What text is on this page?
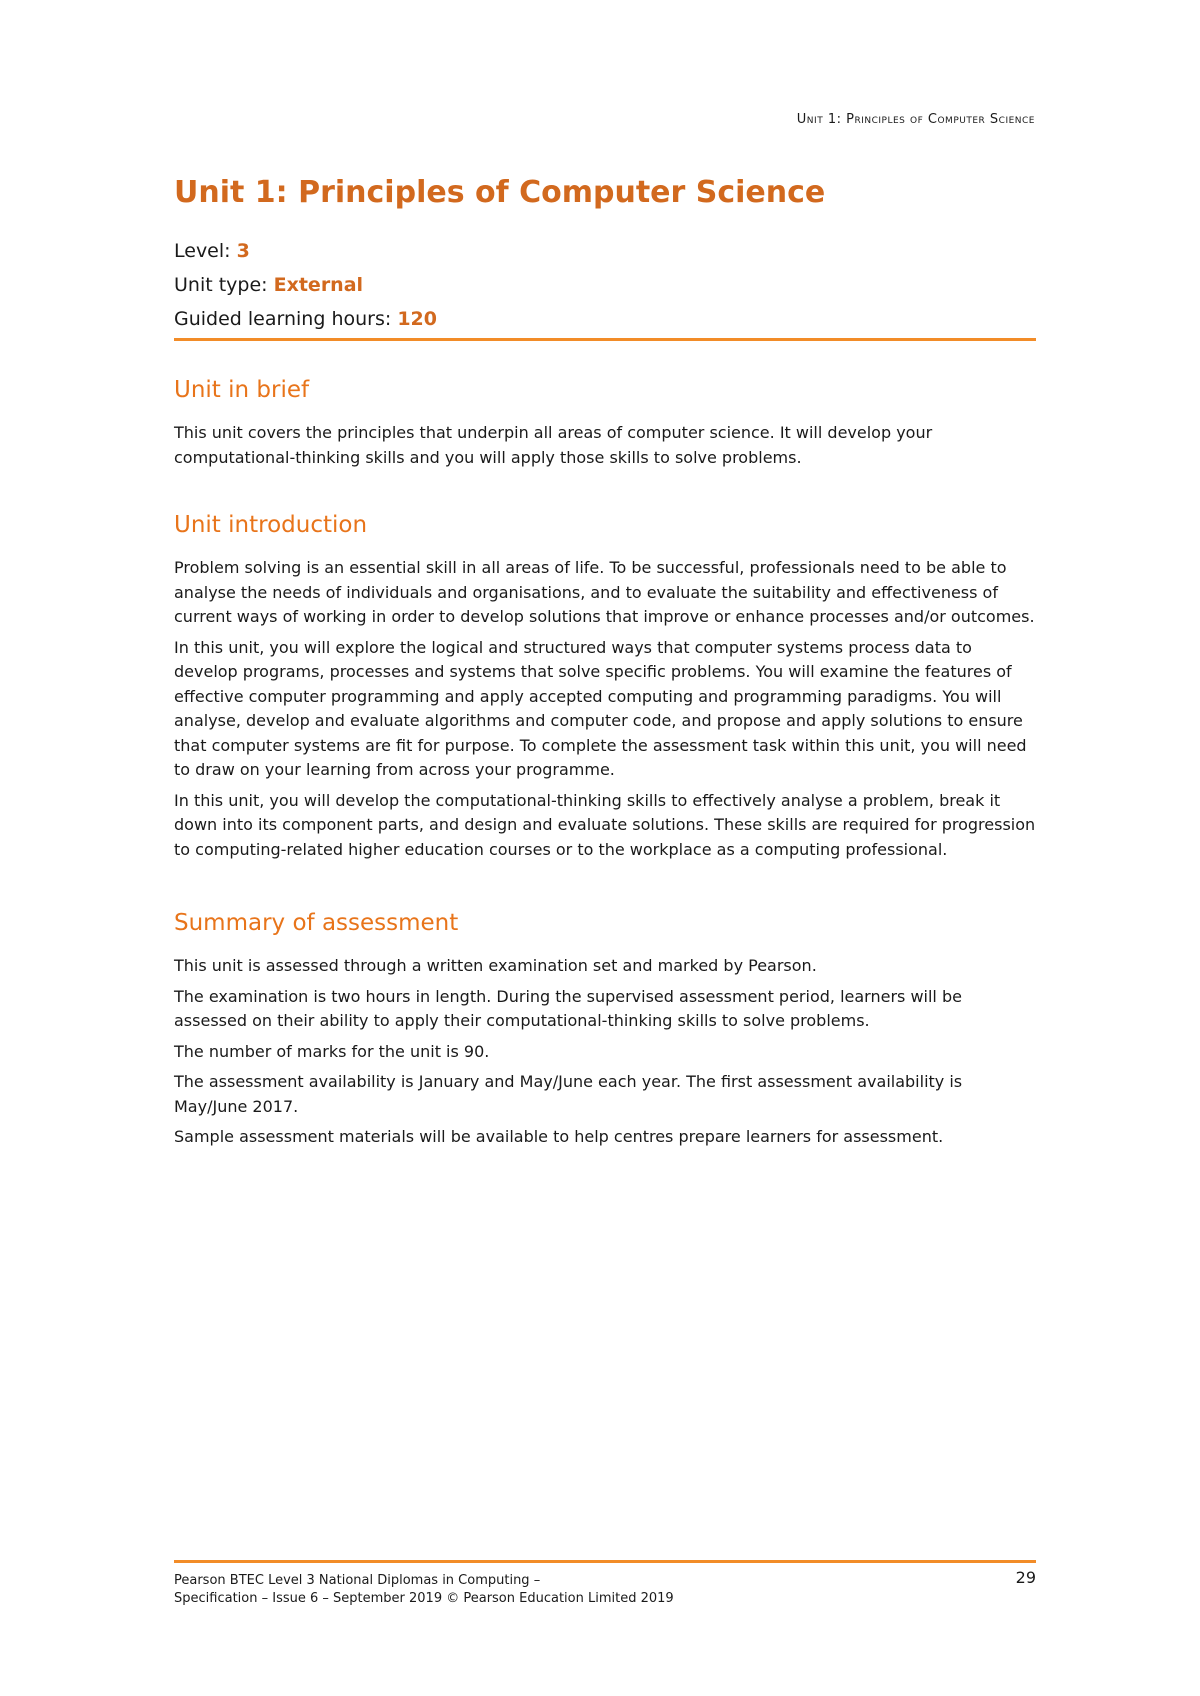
Unit 1: Principles of Computer Science
Unit 1: Principles of Computer Science
Level: 3
Unit type: External
Guided learning hours: 120
Unit in brief

This unit covers the principles that underpin all areas of computer science. It will develop your computational-thinking skills and you will apply those skills to solve problems.

Unit introduction

Problem solving is an essential skill in all areas of life. To be successful, professionals need to be able to analyse the needs of individuals and organisations, and to evaluate the suitability and effectiveness of current ways of working in order to develop solutions that improve or enhance processes and/or outcomes.

In this unit, you will explore the logical and structured ways that computer systems process data to develop programs, processes and systems that solve specific problems. You will examine the features of effective computer programming and apply accepted computing and programming paradigms. You will analyse, develop and evaluate algorithms and computer code, and propose and apply solutions to ensure that computer systems are fit for purpose. To complete the assessment task within this unit, you will need to draw on your learning from across your programme.

In this unit, you will develop the computational-thinking skills to effectively analyse a problem, break it down into its component parts, and design and evaluate solutions. These skills are required for progression to computing-related higher education courses or to the workplace as a computing professional.

Summary of assessment

This unit is assessed through a written examination set and marked by Pearson.

The examination is two hours in length. During the supervised assessment period, learners will be assessed on their ability to apply their computational-thinking skills to solve problems.

The number of marks for the unit is 90.

The assessment availability is January and May/June each year. The first assessment availability is May/June 2017.

Sample assessment materials will be available to help centres prepare learners for assessment.

Pearson BTEC Level 3 National Diplomas in Computing –
Specification – Issue 6 – September 2019 © Pearson Education Limited 2019
29
